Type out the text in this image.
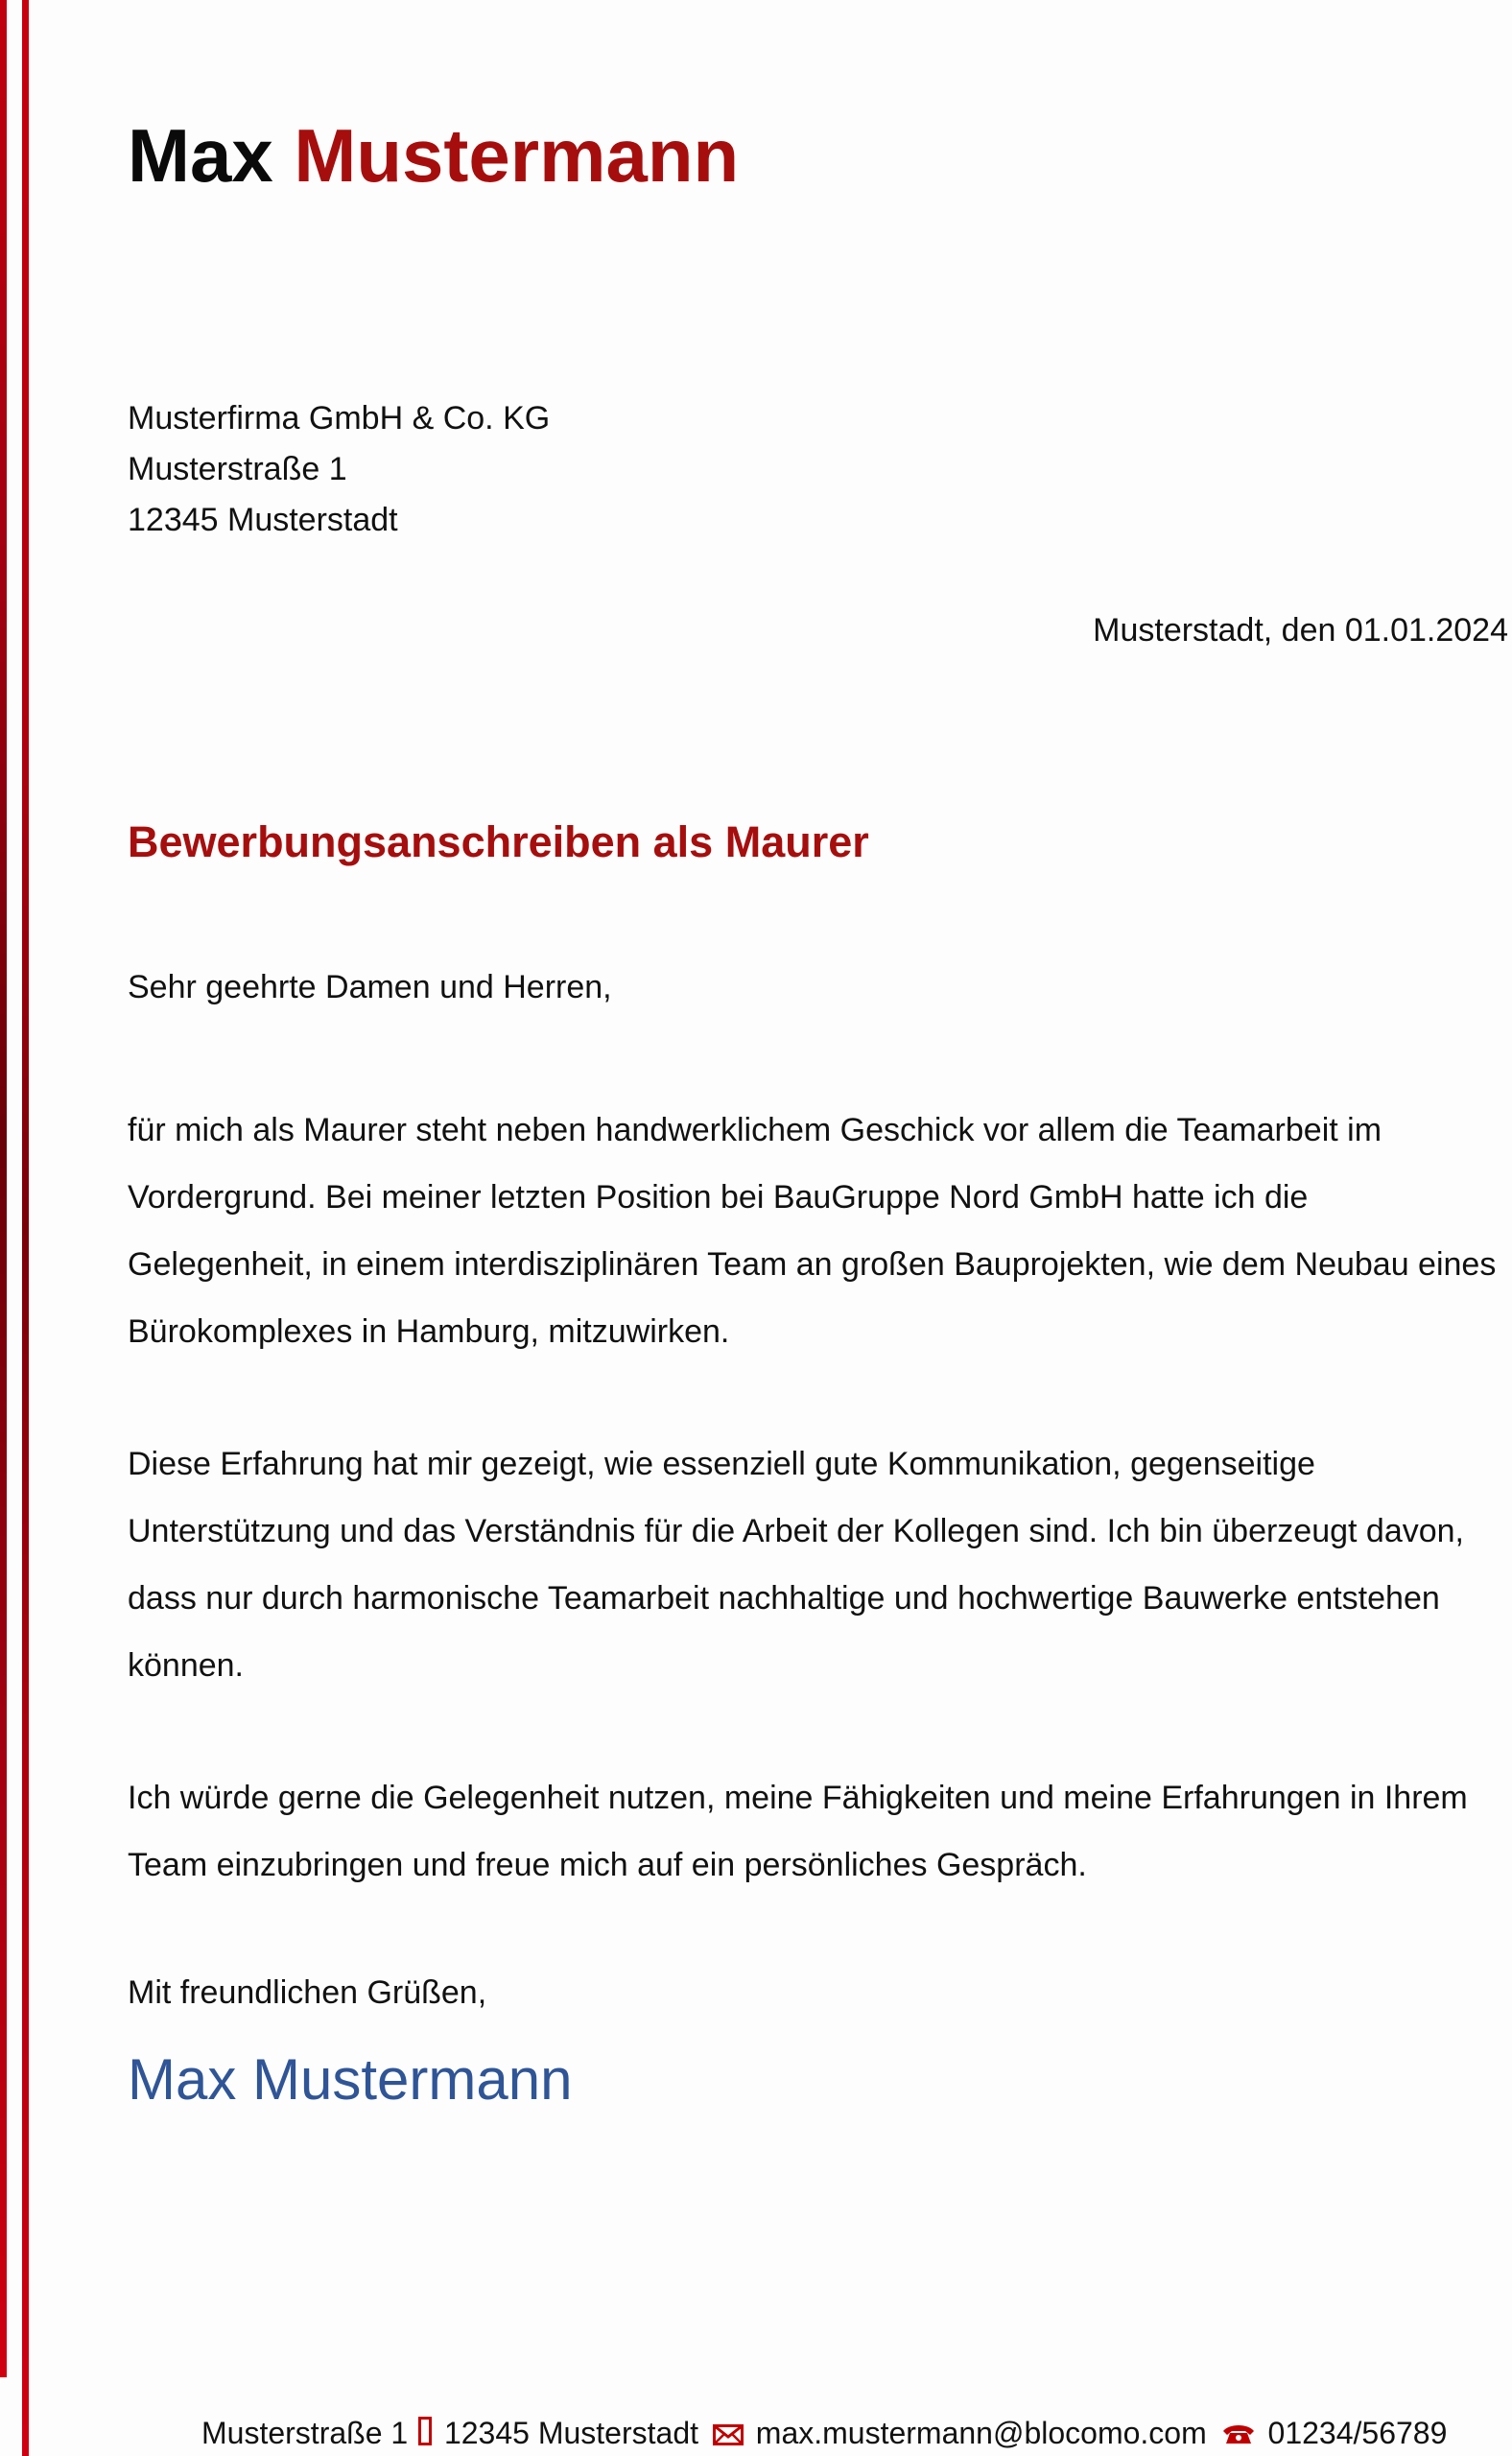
Max Mustermann
Musterfirma GmbH & Co. KG
Musterstraße 1
12345 Musterstadt
Musterstadt, den 01.01.2024
Bewerbungsanschreiben als Maurer
Sehr geehrte Damen und Herren,

für mich als Maurer steht neben handwerklichem Geschick vor allem die Teamarbeit im Vordergrund. Bei meiner letzten Position bei BauGruppe Nord GmbH hatte ich die Gelegenheit, in einem interdisziplinären Team an großen Bauprojekten, wie dem Neubau eines Bürokomplexes in Hamburg, mitzuwirken.

Diese Erfahrung hat mir gezeigt, wie essenziell gute Kommunikation, gegenseitige Unterstützung und das Verständnis für die Arbeit der Kollegen sind. Ich bin überzeugt davon, dass nur durch harmonische Teamarbeit nachhaltige und hochwertige Bauwerke entstehen können.

Ich würde gerne die Gelegenheit nutzen, meine Fähigkeiten und meine Erfahrungen in Ihrem Team einzubringen und freue mich auf ein persönliches Gespräch.

Mit freundlichen Grüßen,
Max Mustermann
Musterstraße 1 12345 Musterstadt max.mustermann@blocomo.com 01234/56789
